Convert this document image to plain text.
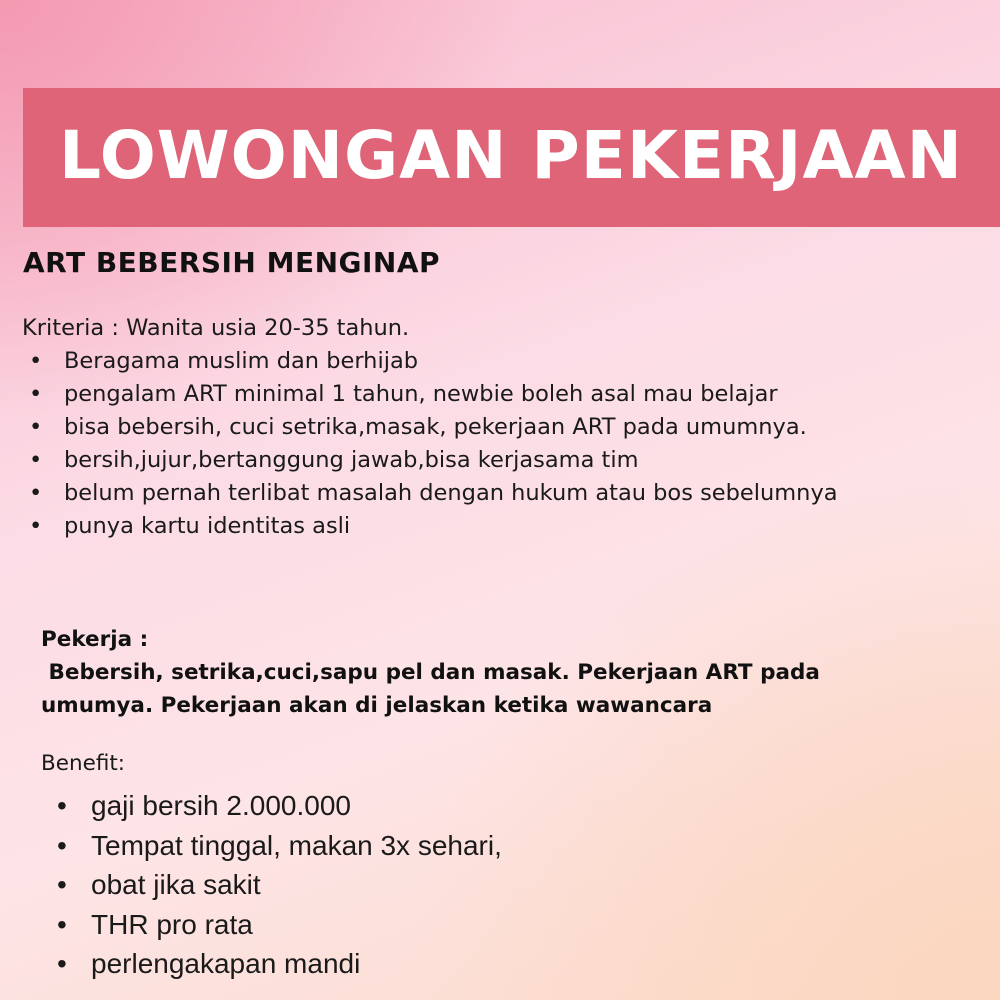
LOWONGAN PEKERJAAN
ART BEBERSIH MENGINAP

Kriteria : Wanita usia 20-35 tahun.

• Beragama muslim dan berhijab
• pengalam ART minimal 1 tahun, newbie boleh asal mau belajar
• bisa bebersih, cuci setrika,masak, pekerjaan ART pada umumnya.
• bersih,jujur,bertanggung jawab,bisa kerjasama tim
• belum pernah terlibat masalah dengan hukum atau bos sebelumnya
• punya kartu identitas asli

Pekerja :

Bebersih, setrika,cuci,sapu pel dan masak. Pekerjaan ART pada

umumya. Pekerjaan akan di jelaskan ketika wawancara

Benefit:

• gaji bersih 2.000.000
• Tempat tinggal, makan 3x sehari,
• obat jika sakit
• THR pro rata
• perlengakapan mandi
